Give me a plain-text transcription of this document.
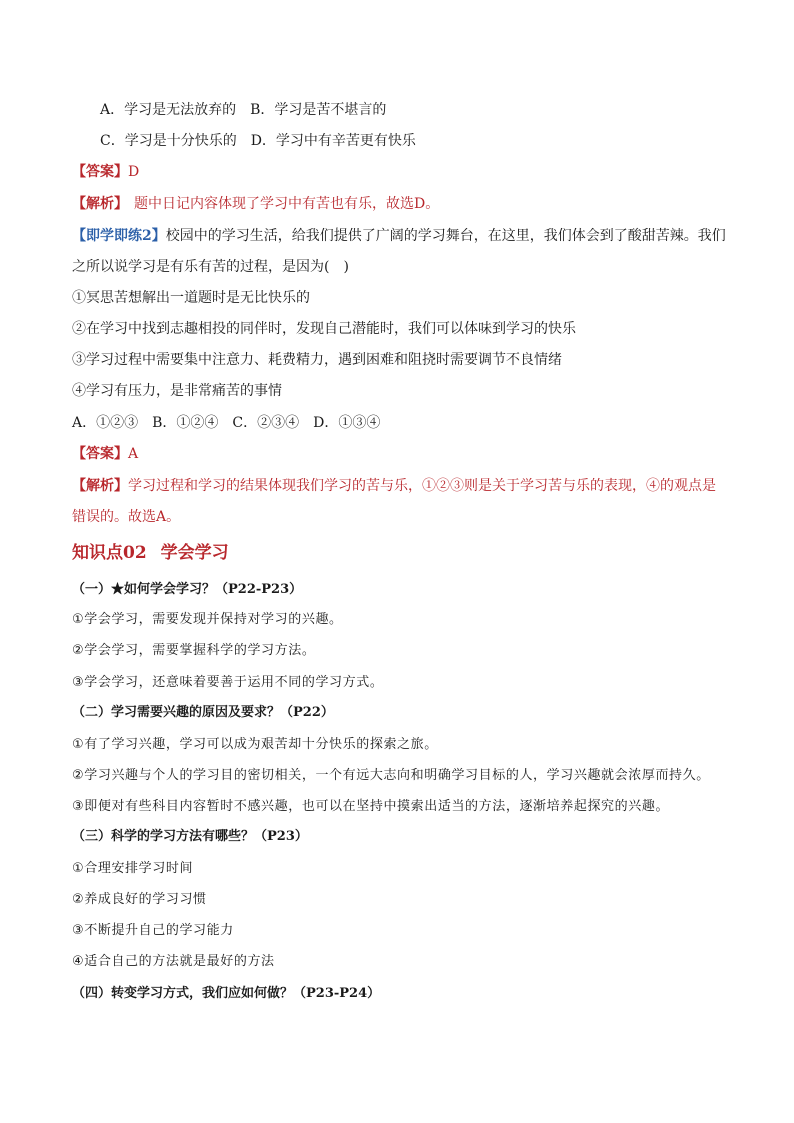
A．学习是无法放弃的　B．学习是苦不堪言的
C．学习是十分快乐的　D．学习中有辛苦更有快乐
【答案】D
【解析】 题中日记内容体现了学习中有苦也有乐，故选D。
【即学即练2】校园中的学习生活，给我们提供了广阔的学习舞台，在这里，我们体会到了酸甜苦辣。我们
之所以说学习是有乐有苦的过程，是因为(　)
①冥思苦想解出一道题时是无比快乐的
②在学习中找到志趣相投的同伴时，发现自己潜能时，我们可以体味到学习的快乐
③学习过程中需要集中注意力、耗费精力，遇到困难和阻挠时需要调节不良情绪
④学习有压力，是非常痛苦的事情
A．①②③　B．①②④　C．②③④　D．①③④
【答案】A
【解析】学习过程和学习的结果体现我们学习的苦与乐，①②③则是关于学习苦与乐的表现，④的观点是
错误的。故选A。
知识点02 学会学习
（一）★如何学会学习？（P22-P23）
①学会学习，需要发现并保持对学习的兴趣。
②学会学习，需要掌握科学的学习方法。
③学会学习，还意味着要善于运用不同的学习方式。
（二）学习需要兴趣的原因及要求？（P22）
①有了学习兴趣，学习可以成为艰苦却十分快乐的探索之旅。
②学习兴趣与个人的学习目的密切相关，一个有远大志向和明确学习目标的人，学习兴趣就会浓厚而持久。
③即便对有些科目内容暂时不感兴趣，也可以在坚持中摸索出适当的方法，逐渐培养起探究的兴趣。
（三）科学的学习方法有哪些？（P23）
①合理安排学习时间
②养成良好的学习习惯
③不断提升自己的学习能力
④适合自己的方法就是最好的方法
（四）转变学习方式，我们应如何做？（P23-P24）
